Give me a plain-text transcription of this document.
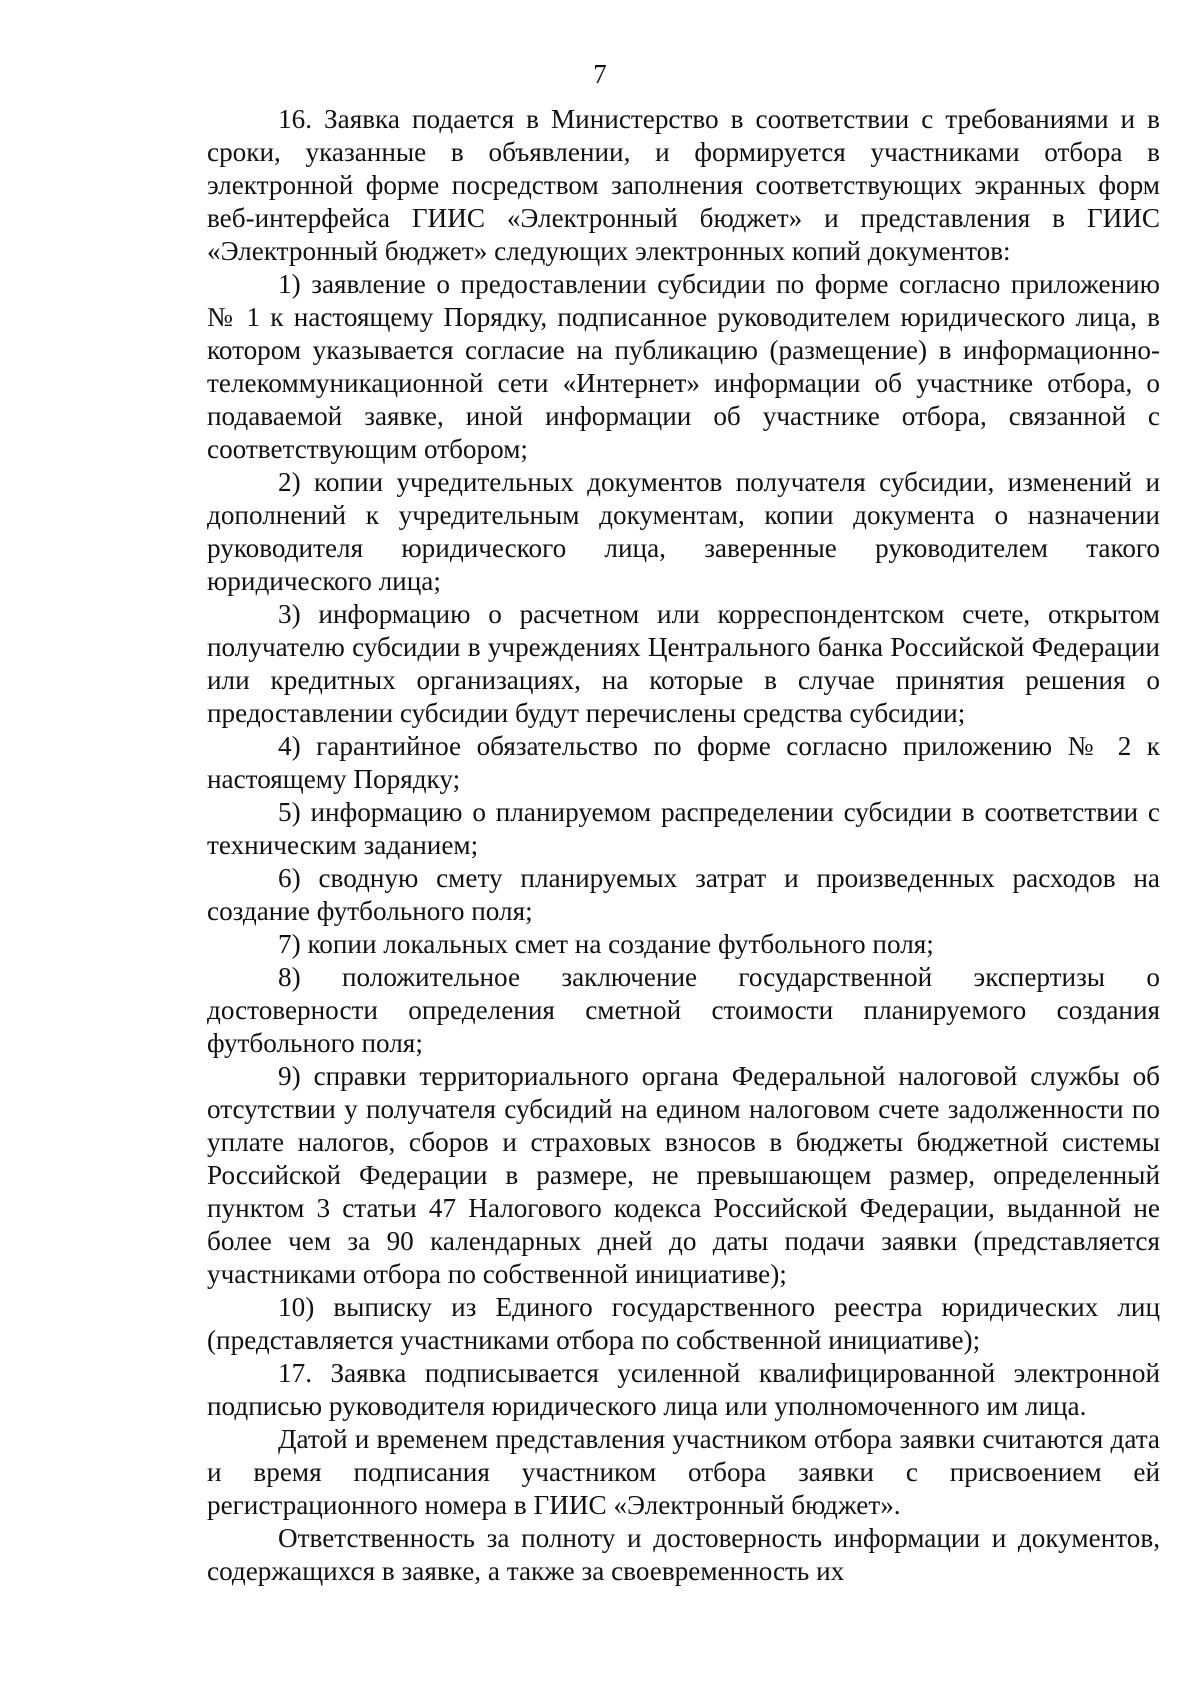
7

16. Заявка подается в Министерство в соответствии с требованиями и в сроки, указанные в объявлении, и формируется участниками отбора в электронной форме посредством заполнения соответствующих экранных форм веб-интерфейса ГИИС «Электронный бюджет» и представления в ГИИС «Электронный бюджет» следующих электронных копий документов:

1) заявление о предоставлении субсидии по форме согласно приложению № 1 к настоящему Порядку, подписанное руководителем юридического лица, в котором указывается согласие на публикацию (размещение) в информационно-телекоммуникационной сети «Интернет» информации об участнике отбора, о подаваемой заявке, иной информации об участнике отбора, связанной с соответствующим отбором;

2) копии учредительных документов получателя субсидии, изменений и дополнений к учредительным документам, копии документа о назначении руководителя юридического лица, заверенные руководителем такого юридического лица;

3) информацию о расчетном или корреспондентском счете, открытом получателю субсидии в учреждениях Центрального банка Российской Федерации или кредитных организациях, на которые в случае принятия решения о предоставлении субсидии будут перечислены средства субсидии;

4) гарантийное обязательство по форме согласно приложению № 2 к настоящему Порядку;

5) информацию о планируемом распределении субсидии в соответствии с техническим заданием;

6) сводную смету планируемых затрат и произведенных расходов на создание футбольного поля;

7) копии локальных смет на создание футбольного поля;

8) положительное заключение государственной экспертизы о достоверности определения сметной стоимости планируемого создания футбольного поля;

9) справки территориального органа Федеральной налоговой службы об отсутствии у получателя субсидий на едином налоговом счете задолженности по уплате налогов, сборов и страховых взносов в бюджеты бюджетной системы Российской Федерации в размере, не превышающем размер, определенный пунктом 3 статьи 47 Налогового кодекса Российской Федерации, выданной не более чем за 90 календарных дней до даты подачи заявки (представляется участниками отбора по собственной инициативе);

10) выписку из Единого государственного реестра юридических лиц (представляется участниками отбора по собственной инициативе);

17. Заявка подписывается усиленной квалифицированной электронной подписью руководителя юридического лица или уполномоченного им лица.

Датой и временем представления участником отбора заявки считаются дата и время подписания участником отбора заявки с присвоением ей регистрационного номера в ГИИС «Электронный бюджет».

Ответственность за полноту и достоверность информации и документов, содержащихся в заявке, а также за своевременность их
